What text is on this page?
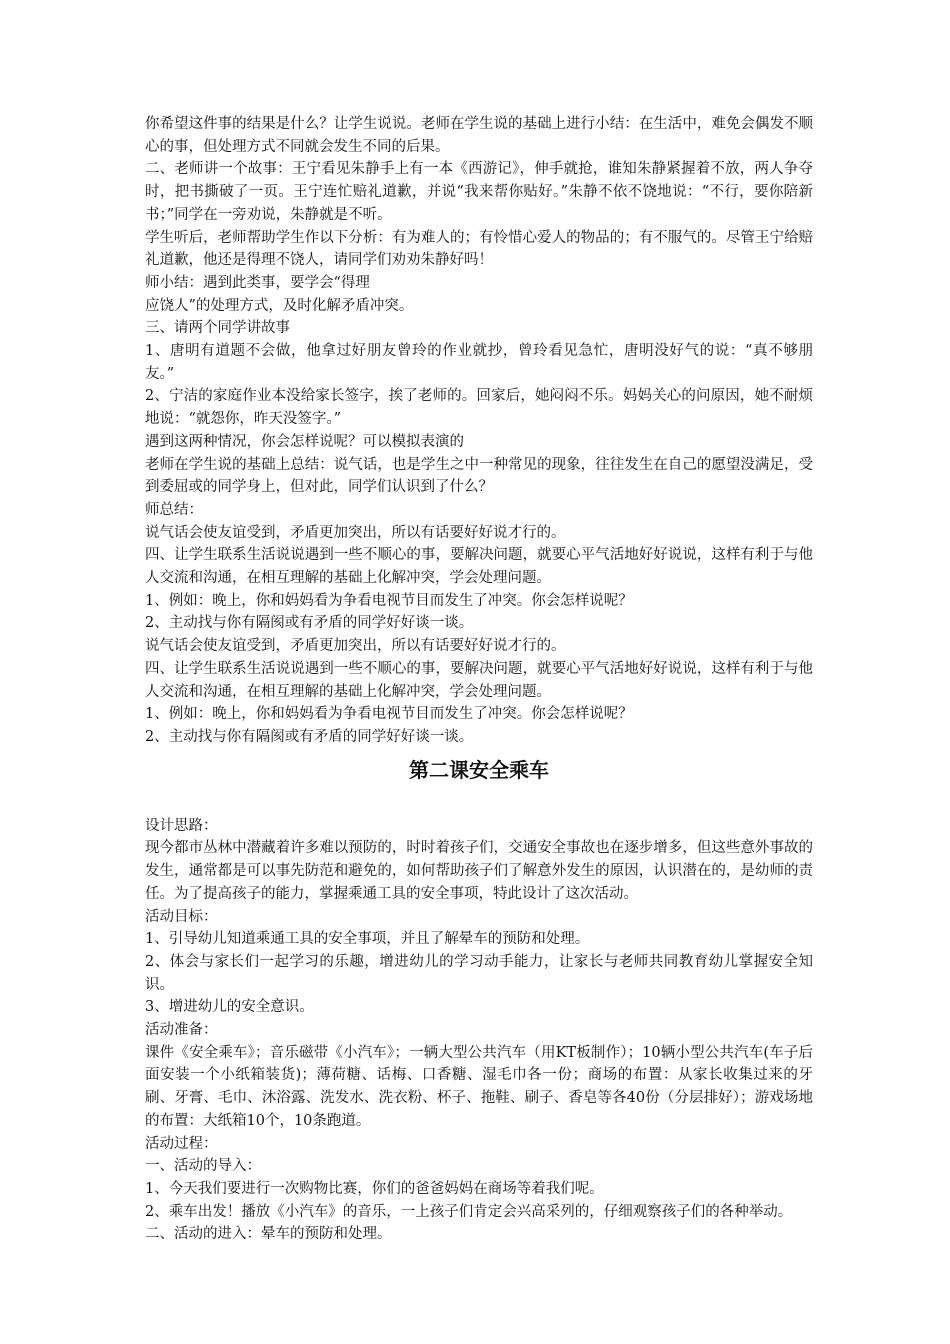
你希望这件事的结果是什么？让学生说说。老师在学生说的基础上进行小结：在生活中，难免会偶发不顺心的事，但处理方式不同就会发生不同的后果。

二、老师讲一个故事：王宁看见朱静手上有一本《西游记》，伸手就抢，谁知朱静紧握着不放，两人争夺时，把书撕破了一页。王宁连忙赔礼道歉，并说“我来帮你贴好。”朱静不依不饶地说：“不行，要你陪新书；”同学在一旁劝说，朱静就是不听。

学生听后，老师帮助学生作以下分析：有为难人的；有怜惜心爱人的物品的；有不服气的。尽管王宁给赔礼道歉，他还是得理不饶人，请同学们劝劝朱静好吗！

师小结：遇到此类事，要学会“得理

应饶人”的处理方式，及时化解矛盾冲突。

三、请两个同学讲故事

1、唐明有道题不会做，他拿过好朋友曾玲的作业就抄，曾玲看见急忙，唐明没好气的说：“真不够朋友。”

2、宁洁的家庭作业本没给家长签字，挨了老师的。回家后，她闷闷不乐。妈妈关心的问原因，她不耐烦地说：“就怨你，昨天没签字。”

遇到这两种情况，你会怎样说呢？可以模拟表演的

老师在学生说的基础上总结：说气话，也是学生之中一种常见的现象，往往发生在自己的愿望没满足，受到委屈或的同学身上，但对此，同学们认识到了什么？

师总结：

说气话会使友谊受到，矛盾更加突出，所以有话要好好说才行的。

四、让学生联系生活说说遇到一些不顺心的事，要解决问题，就要心平气活地好好说说，这样有利于与他人交流和沟通，在相互理解的基础上化解冲突，学会处理问题。

1、例如：晚上，你和妈妈看为争看电视节目而发生了冲突。你会怎样说呢？

2、主动找与你有隔阂或有矛盾的同学好好谈一谈。

说气话会使友谊受到，矛盾更加突出，所以有话要好好说才行的。

四、让学生联系生活说说遇到一些不顺心的事，要解决问题，就要心平气活地好好说说，这样有利于与他人交流和沟通，在相互理解的基础上化解冲突，学会处理问题。

1、例如：晚上，你和妈妈看为争看电视节目而发生了冲突。你会怎样说呢？

2、主动找与你有隔阂或有矛盾的同学好好谈一谈。

第二课安全乘车

设计思路：

现今都市丛林中潜藏着许多难以预防的，时时着孩子们，交通安全事故也在逐步增多，但这些意外事故的发生，通常都是可以事先防范和避免的，如何帮助孩子们了解意外发生的原因，认识潜在的，是幼师的责任。为了提高孩子的能力，掌握乘通工具的安全事项，特此设计了这次活动。

活动目标：

1、引导幼儿知道乘通工具的安全事项，并且了解晕车的预防和处理。

2、体会与家长们一起学习的乐趣，增进幼儿的学习动手能力，让家长与老师共同教育幼儿掌握安全知识。

3、增进幼儿的安全意识。

活动准备：

课件《安全乘车》；音乐磁带《小汽车》；一辆大型公共汽车（用KT板制作）；10辆小型公共汽车(车子后面安装一个小纸箱装货)；薄荷糖、话梅、口香糖、湿毛巾各一份；商场的布置：从家长收集过来的牙刷、牙膏、毛巾、沐浴露、洗发水、洗衣粉、杯子、拖鞋、刷子、香皂等各40份（分层排好）；游戏场地的布置：大纸箱10个，10条跑道。

活动过程：

一、活动的导入：

1、今天我们要进行一次购物比赛，你们的爸爸妈妈在商场等着我们呢。

2、乘车出发！播放《小汽车》的音乐，一上孩子们肯定会兴高采列的，仔细观察孩子们的各种举动。

二、活动的进入：晕车的预防和处理。
